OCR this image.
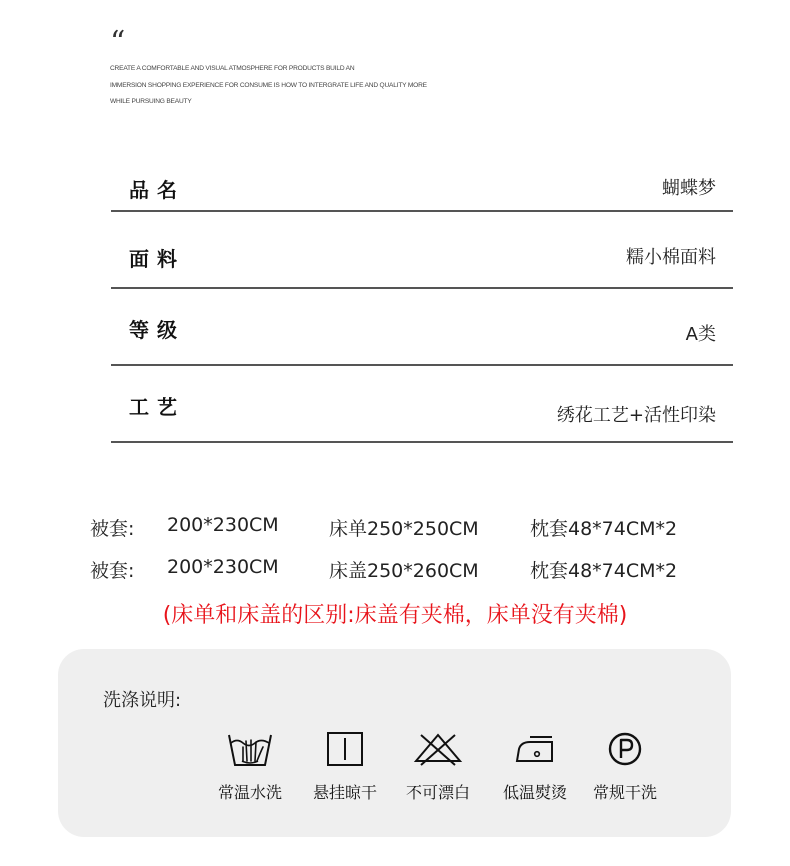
“
CREATE A COMFORTABLE AND VISUAL ATMOSPHERE FOR PRODUCTS BUILD AN
IMMERSION SHOPPING EXPERIENCE FOR CONSUME IS HOW TO INTERGRATE LIFE AND QUALITY MORE
WHILE PURSUING BEAUTY
品名	蝴蝶梦
面料	糯小棉面料
等级	A类
工艺	绣花工艺+活性印染
被套: 200*230CM	床单250*250CM	枕套48*74CM*2
被套: 200*230CM	床盖250*260CM	枕套48*74CM*2
(床单和床盖的区别:床盖有夹棉，床单没有夹棉)
洗涤说明:
常温水洗	悬挂晾干	不可漂白	低温熨烫	常规干洗
